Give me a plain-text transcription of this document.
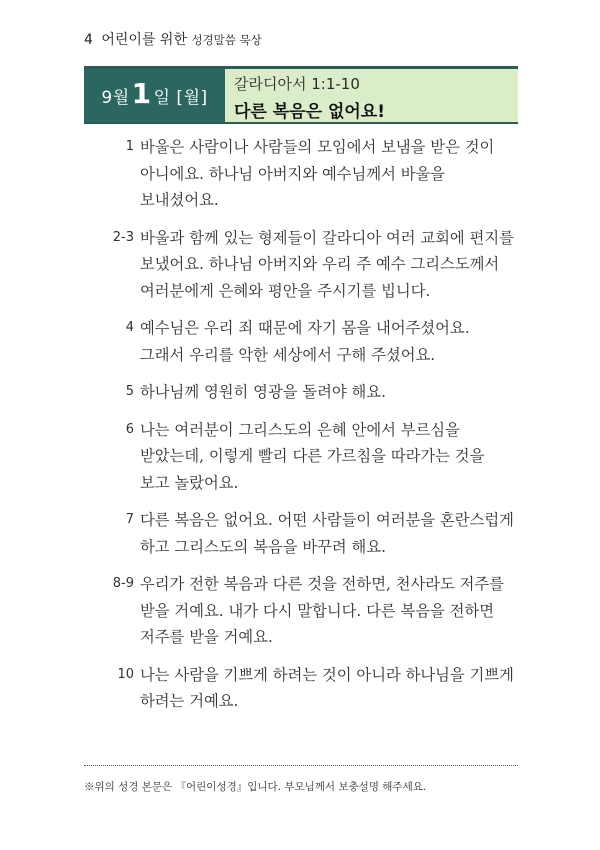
4 어린이를 위한 성경말씀 묵상
9월 1 일 [월]
갈라디아서 1:1-10
다른 복음은 없어요!
1 바울은 사람이나 사람들의 모임에서 보냄을 받은 것이 아니에요. 하나님 아버지와 예수님께서 바울을 보내셨어요.
2-3 바울과 함께 있는 형제들이 갈라디아 여러 교회에 편지를 보냈어요. 하나님 아버지와 우리 주 예수 그리스도께서 여러분에게 은혜와 평안을 주시기를 빕니다.
4 예수님은 우리 죄 때문에 자기 몸을 내어주셨어요. 그래서 우리를 악한 세상에서 구해 주셨어요.
5 하나님께 영원히 영광을 돌려야 해요.
6 나는 여러분이 그리스도의 은혜 안에서 부르심을 받았는데, 이렇게 빨리 다른 가르침을 따라가는 것을 보고 놀랐어요.
7 다른 복음은 없어요. 어떤 사람들이 여러분을 혼란스럽게 하고 그리스도의 복음을 바꾸려 해요.
8-9 우리가 전한 복음과 다른 것을 전하면, 천사라도 저주를 받을 거예요. 내가 다시 말합니다. 다른 복음을 전하면 저주를 받을 거예요.
10 나는 사람을 기쁘게 하려는 것이 아니라 하나님을 기쁘게 하려는 거예요.
※위의 성경 본문은 『어린이성경』입니다. 부모님께서 보충설명 해주세요.
